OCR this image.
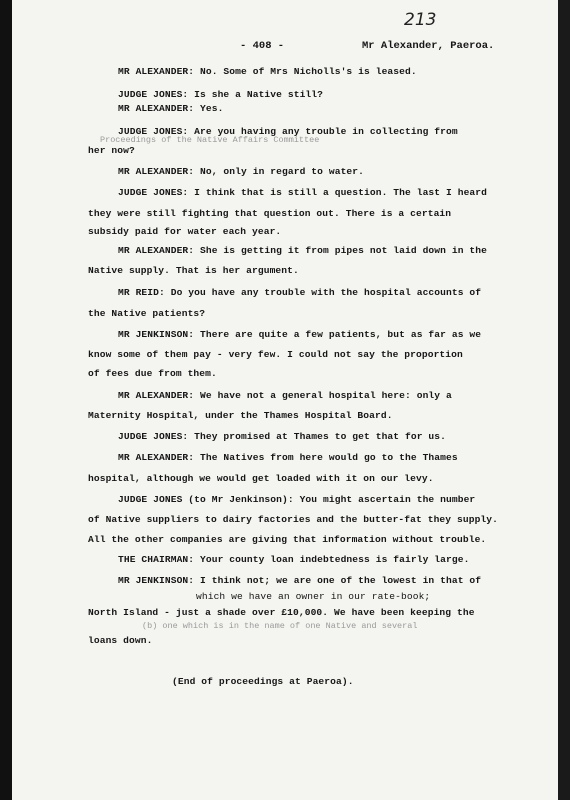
213
- 408 -	Mr Alexander, Paeroa.
MR ALEXANDER: No. Some of Mrs Nicholls's is leased.
JUDGE JONES: Is she a Native still?
MR ALEXANDER: Yes.
JUDGE JONES: Are you having any trouble in collecting from
Proceedings of the Native Affairs Committee
her now?
MR ALEXANDER: No, only in regard to water.
JUDGE JONES: I think that is still a question. The last I heard
they were still fighting that question out. There is a certain
subsidy paid for water each year.
MR ALEXANDER: She is getting it from pipes not laid down in the
Native supply. That is her argument.
MR REID: Do you have any trouble with the hospital accounts of
the Native patients?
MR JENKINSON: There are quite a few patients, but as far as we
know some of them pay - very few. I could not say the proportion
of fees due from them.
MR ALEXANDER: We have not a general hospital here: only a
Maternity Hospital, under the Thames Hospital Board.
JUDGE JONES: They promised at Thames to get that for us.
MR ALEXANDER: The Natives from here would go to the Thames
hospital, although we would get loaded with it on our levy.
JUDGE JONES (to Mr Jenkinson): You might ascertain the number
of Native suppliers to dairy factories and the butter-fat they supply.
All the other companies are giving that information without trouble.
THE CHAIRMAN: Your county loan indebtedness is fairly large.
MR JENKINSON: I think not; we are one of the lowest in that of
which we have an owner in our rate-book;
North Island - just a shade over £10,000. We have been keeping the
(b) one which is in the name of one Native and several
loans down.
(End of proceedings at Paeroa).
